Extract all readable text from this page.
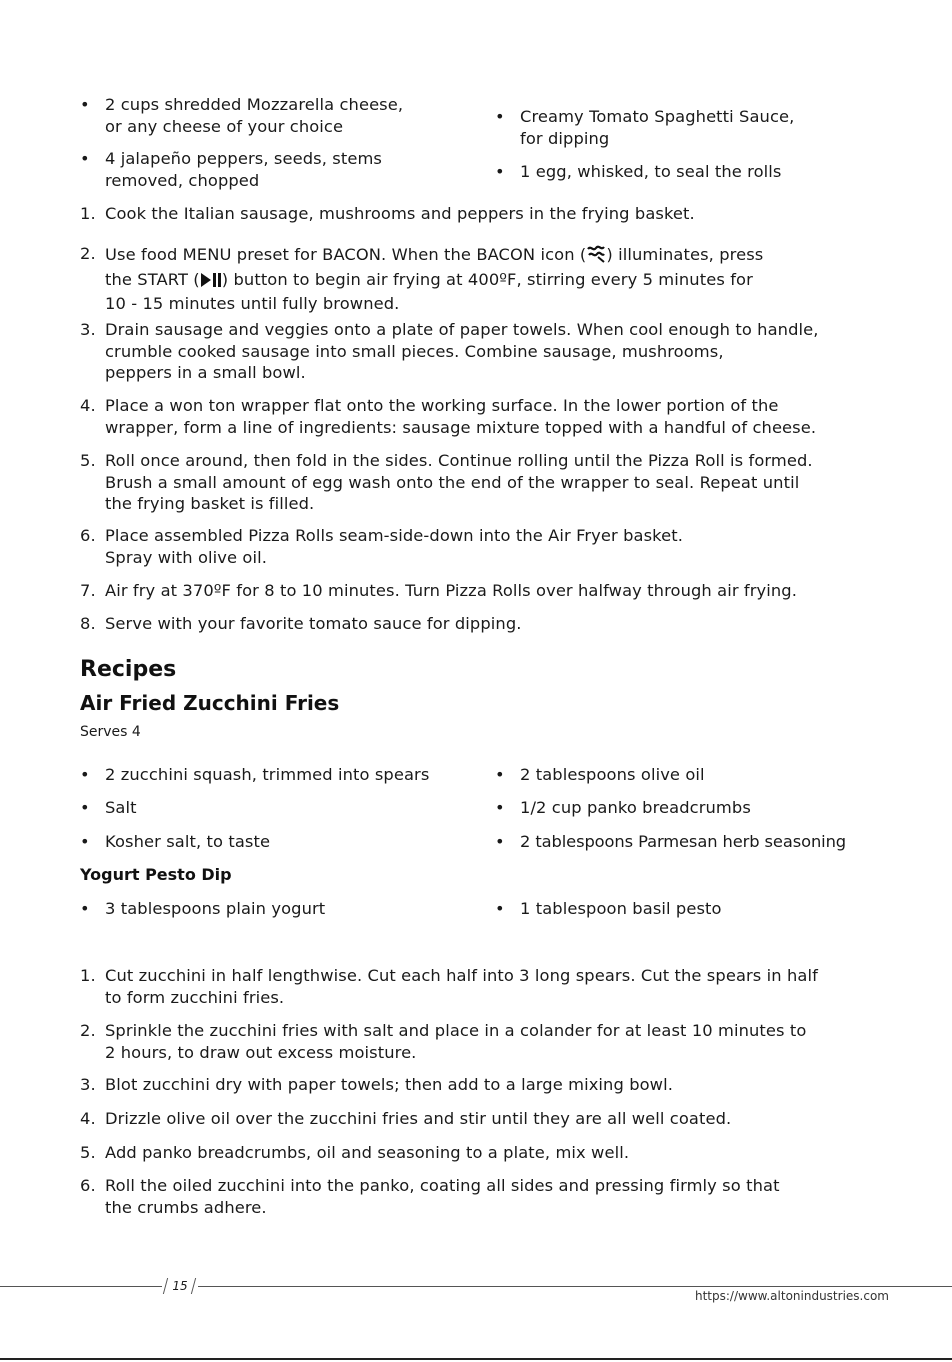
• 2 cups shredded Mozzarella cheese,
or any cheese of your choice
• 4 jalapeño peppers, seeds, stems
removed, chopped
• Creamy Tomato Spaghetti Sauce,
for dipping
• 1 egg, whisked, to seal the rolls
1. Cook the Italian sausage, mushrooms and peppers in the frying basket.
2. Use food MENU preset for BACON. When the BACON icon ( ) illuminates, press
the START ( ) button to begin air frying at 400ºF, stirring every 5 minutes for
10 - 15 minutes until fully browned.
3. Drain sausage and veggies onto a plate of paper towels. When cool enough to handle,
crumble cooked sausage into small pieces. Combine sausage, mushrooms,
peppers in a small bowl.
4. Place a won ton wrapper flat onto the working surface. In the lower portion of the
wrapper, form a line of ingredients: sausage mixture topped with a handful of cheese.
5. Roll once around, then fold in the sides. Continue rolling until the Pizza Roll is formed.
Brush a small amount of egg wash onto the end of the wrapper to seal. Repeat until
the frying basket is filled.
6. Place assembled Pizza Rolls seam-side-down into the Air Fryer basket.
Spray with olive oil.
7. Air fry at 370ºF for 8 to 10 minutes. Turn Pizza Rolls over halfway through air frying.
8. Serve with your favorite tomato sauce for dipping.
Recipes
Air Fried Zucchini Fries
Serves 4
• 2 zucchini squash, trimmed into spears
• Salt
• Kosher salt, to taste
• 2 tablespoons olive oil
• 1/2 cup panko breadcrumbs
• 2 tablespoons Parmesan herb seasoning
Yogurt Pesto Dip
• 3 tablespoons plain yogurt	• 1 tablespoon basil pesto
1. Cut zucchini in half lengthwise. Cut each half into 3 long spears. Cut the spears in half
to form zucchini fries.
2. Sprinkle the zucchini fries with salt and place in a colander for at least 10 minutes to
2 hours, to draw out excess moisture.
3. Blot zucchini dry with paper towels; then add to a large mixing bowl.
4. Drizzle olive oil over the zucchini fries and stir until they are all well coated.
5. Add panko breadcrumbs, oil and seasoning to a plate, mix well.
6. Roll the oiled zucchini into the panko, coating all sides and pressing firmly so that
the crumbs adhere.
15
https://www.altonindustries.com
